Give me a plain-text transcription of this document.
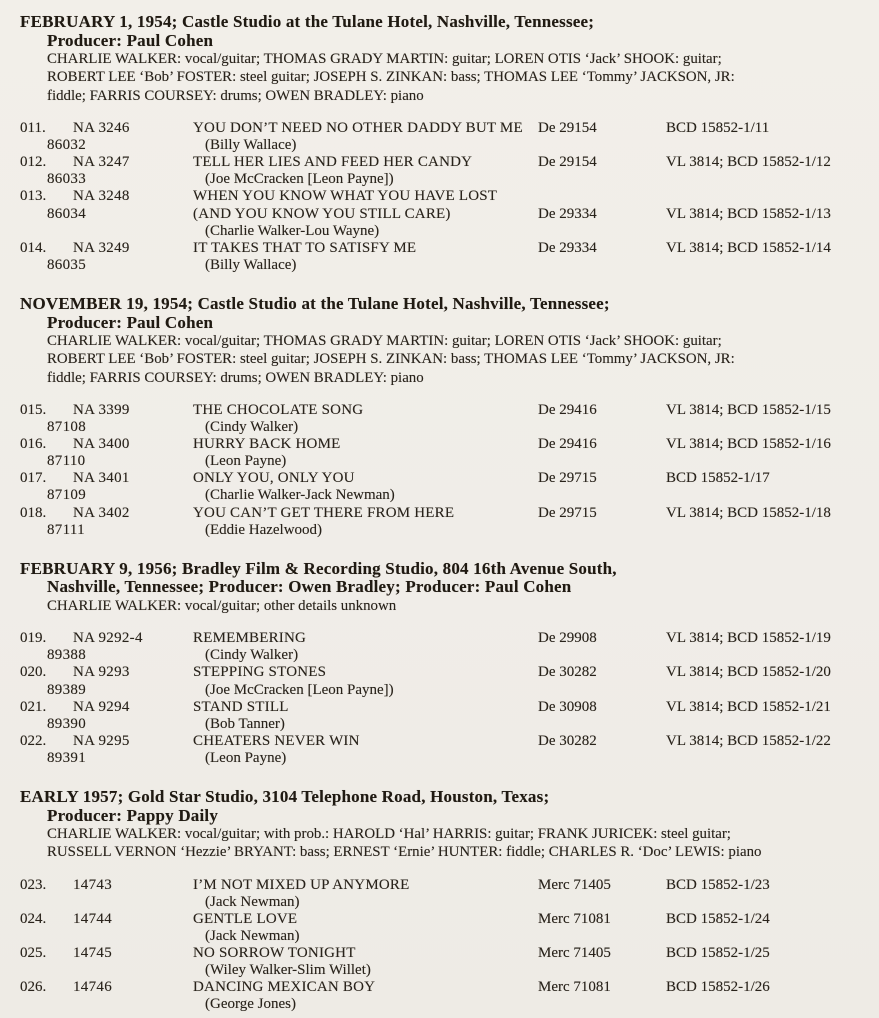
FEBRUARY 1, 1954; Castle Studio at the Tulane Hotel, Nashville, Tennessee;
Producer: Paul Cohen
CHARLIE WALKER: vocal/guitar; THOMAS GRADY MARTIN: guitar; LOREN OTIS ‘Jack’ SHOOK: guitar;
ROBERT LEE ‘Bob’ FOSTER: steel guitar; JOSEPH S. ZINKAN: bass; THOMAS LEE ‘Tommy’ JACKSON, JR:
fiddle; FARRIS COURSEY: drums; OWEN BRADLEY: piano
011. NA 3246	YOU DON’T NEED NO OTHER DADDY BUT ME De 29154	BCD 15852-1/11
86032	(Billy Wallace)
012. NA 3247	TELL HER LIES AND FEED HER CANDY	De 29154	VL 3814; BCD 15852-1/12
86033	(Joe McCracken [Leon Payne])
013. NA 3248	WHEN YOU KNOW WHAT YOU HAVE LOST
86034	(AND YOU KNOW YOU STILL CARE)	De 29334	VL 3814; BCD 15852-1/13
(Charlie Walker-Lou Wayne)
014. NA 3249	IT TAKES THAT TO SATISFY ME	De 29334	VL 3814; BCD 15852-1/14
86035	(Billy Wallace)
NOVEMBER 19, 1954; Castle Studio at the Tulane Hotel, Nashville, Tennessee;
Producer: Paul Cohen
CHARLIE WALKER: vocal/guitar; THOMAS GRADY MARTIN: guitar; LOREN OTIS ‘Jack’ SHOOK: guitar;
ROBERT LEE ‘Bob’ FOSTER: steel guitar; JOSEPH S. ZINKAN: bass; THOMAS LEE ‘Tommy’ JACKSON, JR:
fiddle; FARRIS COURSEY: drums; OWEN BRADLEY: piano
015. NA 3399	THE CHOCOLATE SONG	De 29416	VL 3814; BCD 15852-1/15
87108	(Cindy Walker)
016. NA 3400	HURRY BACK HOME	De 29416	VL 3814; BCD 15852-1/16
87110	(Leon Payne)
017. NA 3401	ONLY YOU, ONLY YOU	De 29715	BCD 15852-1/17
87109	(Charlie Walker-Jack Newman)
018. NA 3402	YOU CAN’T GET THERE FROM HERE	De 29715	VL 3814; BCD 15852-1/18
87111	(Eddie Hazelwood)
FEBRUARY 9, 1956; Bradley Film & Recording Studio, 804 16th Avenue South,
Nashville, Tennessee; Producer: Owen Bradley; Producer: Paul Cohen
CHARLIE WALKER: vocal/guitar; other details unknown
019. NA 9292-4	REMEMBERING	De 29908	VL 3814; BCD 15852-1/19
89388	(Cindy Walker)
020. NA 9293	STEPPING STONES	De 30282	VL 3814; BCD 15852-1/20
89389	(Joe McCracken [Leon Payne])
021. NA 9294	STAND STILL	De 30908	VL 3814; BCD 15852-1/21
89390	(Bob Tanner)
022. NA 9295	CHEATERS NEVER WIN	De 30282	VL 3814; BCD 15852-1/22
89391	(Leon Payne)
EARLY 1957; Gold Star Studio, 3104 Telephone Road, Houston, Texas;
Producer: Pappy Daily
CHARLIE WALKER: vocal/guitar; with prob.: HAROLD ‘Hal’ HARRIS: guitar; FRANK JURICEK: steel guitar;
RUSSELL VERNON ‘Hezzie’ BRYANT: bass; ERNEST ‘Ernie’ HUNTER: fiddle; CHARLES R. ‘Doc’ LEWIS: piano
023. 14743	I’M NOT MIXED UP ANYMORE	Merc 71405	BCD 15852-1/23
(Jack Newman)
024. 14744	GENTLE LOVE	Merc 71081	BCD 15852-1/24
(Jack Newman)
025. 14745	NO SORROW TONIGHT	Merc 71405	BCD 15852-1/25
(Wiley Walker-Slim Willet)
026. 14746	DANCING MEXICAN BOY	Merc 71081	BCD 15852-1/26
(George Jones)
